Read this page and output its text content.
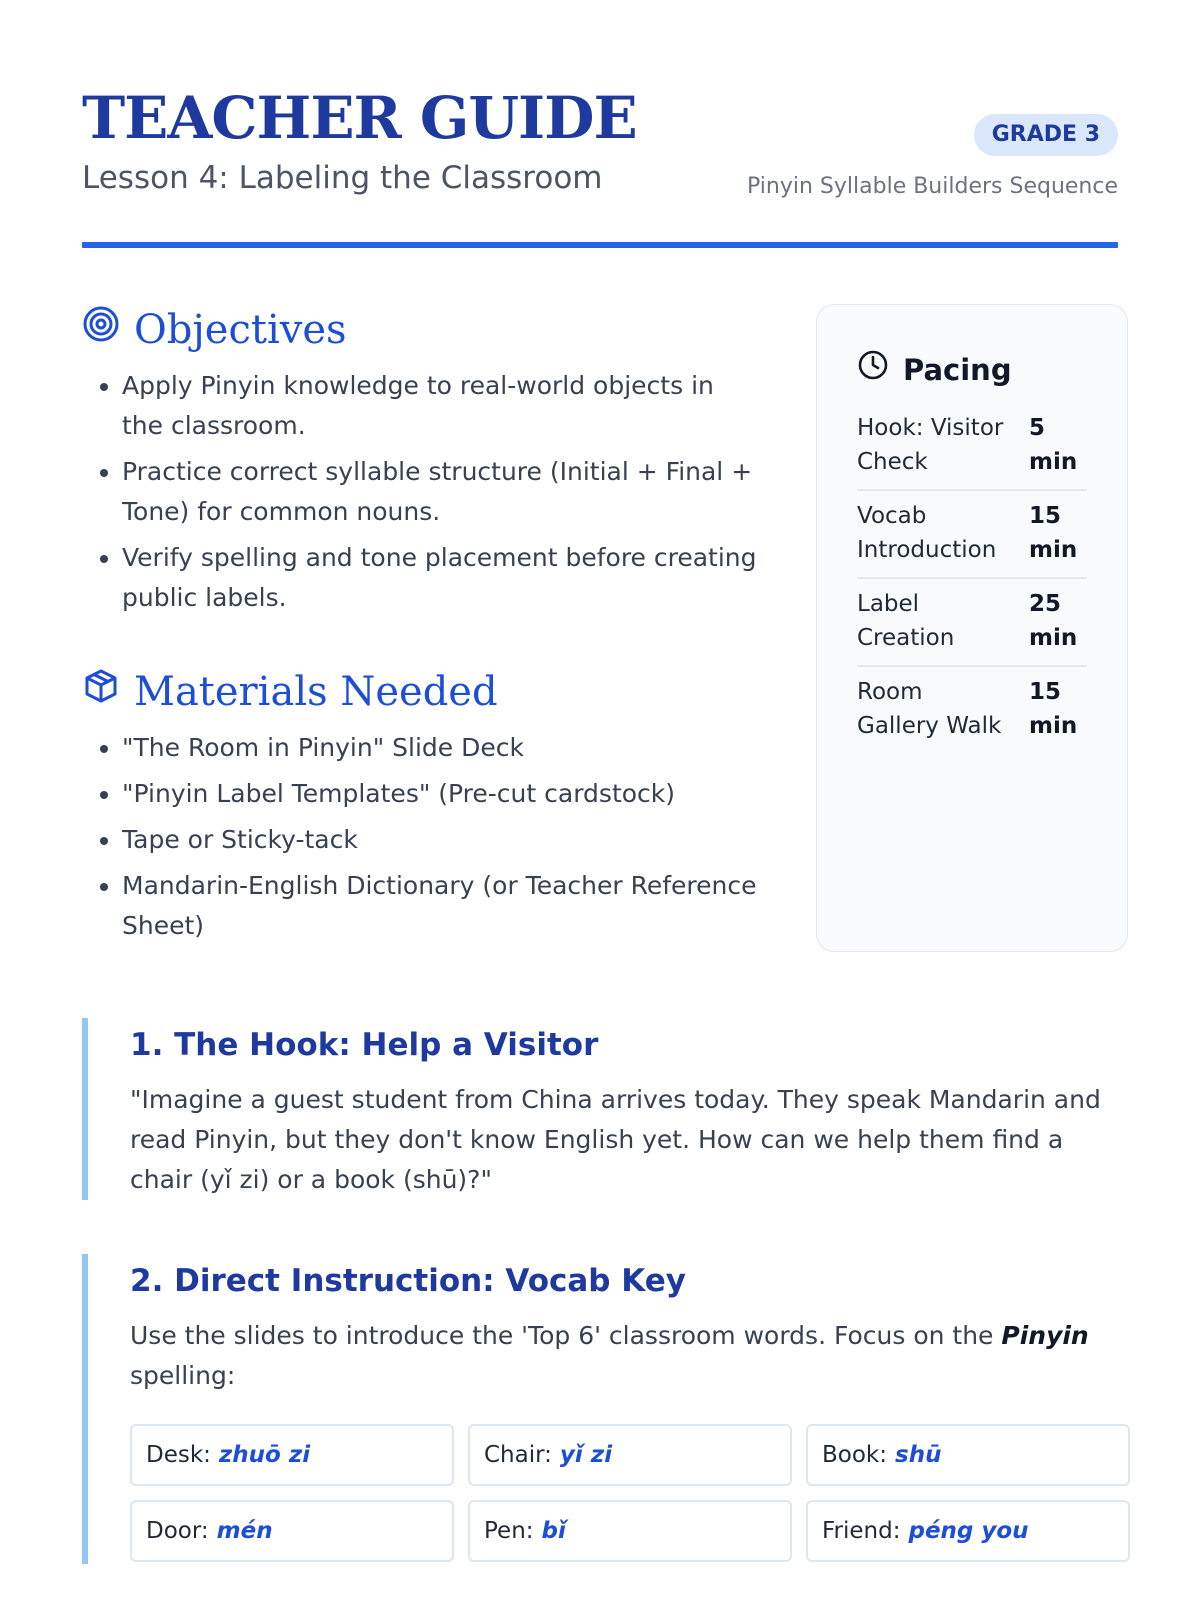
TEACHER GUIDE
Lesson 4: Labeling the Classroom
GRADE 3
Pinyin Syllable Builders Sequence
Objectives
• Apply Pinyin knowledge to real-world objects in the classroom.
• Practice correct syllable structure (Initial + Final + Tone) for common nouns.
• Verify spelling and tone placement before creating public labels.
Materials Needed
• "The Room in Pinyin" Slide Deck
• "Pinyin Label Templates" (Pre-cut cardstock)
• Tape or Sticky-tack
• Mandarin-English Dictionary (or Teacher Reference Sheet)
Pacing
Hook: Visitor Check
5 min
Vocab Introduction
15 min
Label Creation
25 min
Room Gallery Walk
15 min
1. The Hook: Help a Visitor
"Imagine a guest student from China arrives today. They speak Mandarin and read Pinyin, but they don't know English yet. How can we help them find a chair (yǐ zi) or a book (shū)?"
2. Direct Instruction: Vocab Key
Use the slides to introduce the 'Top 6' classroom words. Focus on the Pinyin spelling:
Desk: zhuō zi	Chair: yǐ zi	Book: shū
Door: mén	Pen: bǐ	Friend: péng you
